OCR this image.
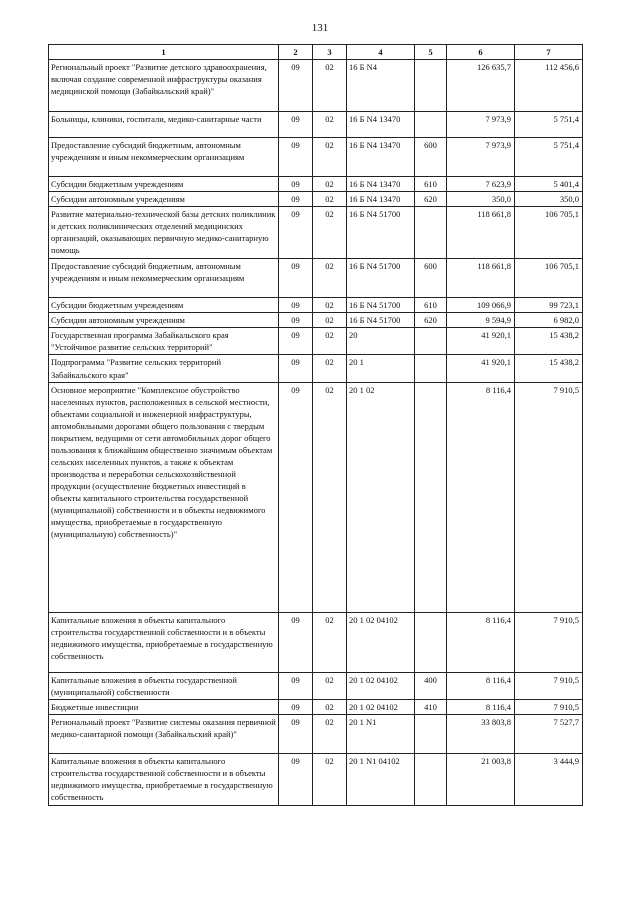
131
1	2	3	4	5	6	7
Региональный проект "Развитие детского здравоохранения, включая создание современной инфраструктуры оказания медицинской помощи (Забайкальский край)"	09	02	16 Б N4		126 635,7	112 456,6
Больницы, клиники, госпитали, медико-санитарные части	09	02	16 Б N4 13470		7 973,9	5 751,4
Предоставление субсидий бюджетным, автономным учреждениям и иным некоммерческим организациям	09	02	16 Б N4 13470	600	7 973,9	5 751,4
Субсидии бюджетным учреждениям	09	02	16 Б N4 13470	610	7 623,9	5 401,4
Субсидии автономным учреждениям	09	02	16 Б N4 13470	620	350,0	350,0
Развитие материально-технической базы детских поликлиник и детских поликлинических отделений медицинских организаций, оказывающих первичную медико-санитарную помощь	09	02	16 Б N4 51700		118 661,8	106 705,1
Предоставление субсидий бюджетным, автономным учреждениям и иным некоммерческим организациям	09	02	16 Б N4 51700	600	118 661,8	106 705,1
Субсидии бюджетным учреждениям	09	02	16 Б N4 51700	610	109 066,9	99 723,1
Субсидии автономным учреждениям	09	02	16 Б N4 51700	620	9 594,9	6 982,0
Государственная программа Забайкальского края "Устойчивое развитие сельских территорий"	09	02	20		41 920,1	15 438,2
Подпрограмма "Развитие сельских территорий Забайкальского края"	09	02	20 1		41 920,1	15 438,2
Основное мероприятие "Комплексное обустройство населенных пунктов, расположенных в сельской местности, объектами социальной и инженерной инфраструктуры, автомобильными дорогами общего пользования с твердым покрытием, ведущими от сети автомобильных дорог общего пользования к ближайшим общественно значимым объектам сельских населенных пунктов, а также к объектам производства и переработки сельскохозяйственной продукции (осуществление бюджетных инвестиций в объекты капитального строительства государственной (муниципальной) собственности и в объекты недвижимого имущества, приобретаемые в государственную (муниципальную) собственность)"	09	02	20 1 02		8 116,4	7 910,5
Капитальные вложения в объекты капитального строительства государственной собственности и в объекты недвижимого имущества, приобретаемые в государственную собственность	09	02	20 1 02 04102		8 116,4	7 910,5
Капитальные вложения в объекты государственной (муниципальной) собственности	09	02	20 1 02 04102	400	8 116,4	7 910,5
Бюджетные инвестиции	09	02	20 1 02 04102	410	8 116,4	7 910,5
Региональный проект "Развитие системы оказания первичной медико-санитарной помощи (Забайкальский край)"	09	02	20 1 N1		33 803,8	7 527,7
Капитальные вложения в объекты капитального строительства государственной собственности и в объекты недвижимого имущества, приобретаемые в государственную собственность	09	02	20 1 N1 04102		21 003,8	3 444,9
